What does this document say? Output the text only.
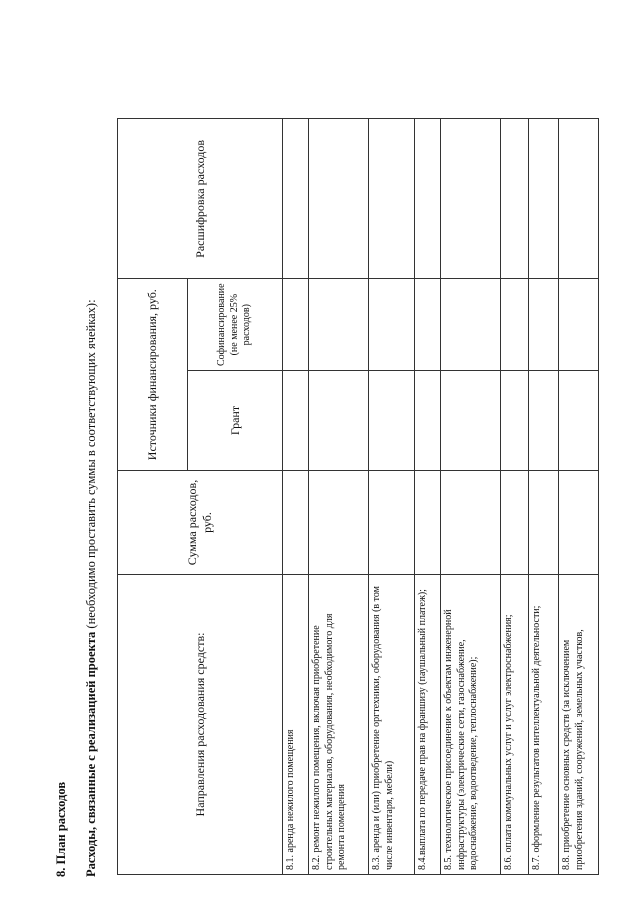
8. План расходов Расходы, связанные с реализацией проекта (необходимо проставить суммы в соответствующих ячейках):
Направления расходования средств:	Сумма расходов, руб.	Источники финансирования, руб.		Расшифровка расходов
		Грант	Софинансирование (не менее 25% расходов)	
8.1. аренда нежилого помещения				
8.2. ремонт нежилого помещения, включая приобретение строительных материалов, оборудования, необходимого для ремонта помещения				
8.3. аренда и (или) приобретение оргтехники, оборудования (в том числе инвентаря, мебели)				
8.4.выплата по передаче прав на франшизу (паушальный платеж);				
8.5. технологическое присоединение к объектам инженерной инфраструктуры (электрические сети, газоснабжение, водоснабжение, водоотведение, теплоснабжение);				
8.6. оплата коммунальных услуг и услуг электроснабжения;				
8.7. оформление результатов интеллектуальной деятельности;				
8.8. приобретение основных средств (за исключением приобретения зданий, сооружений, земельных участков,				
